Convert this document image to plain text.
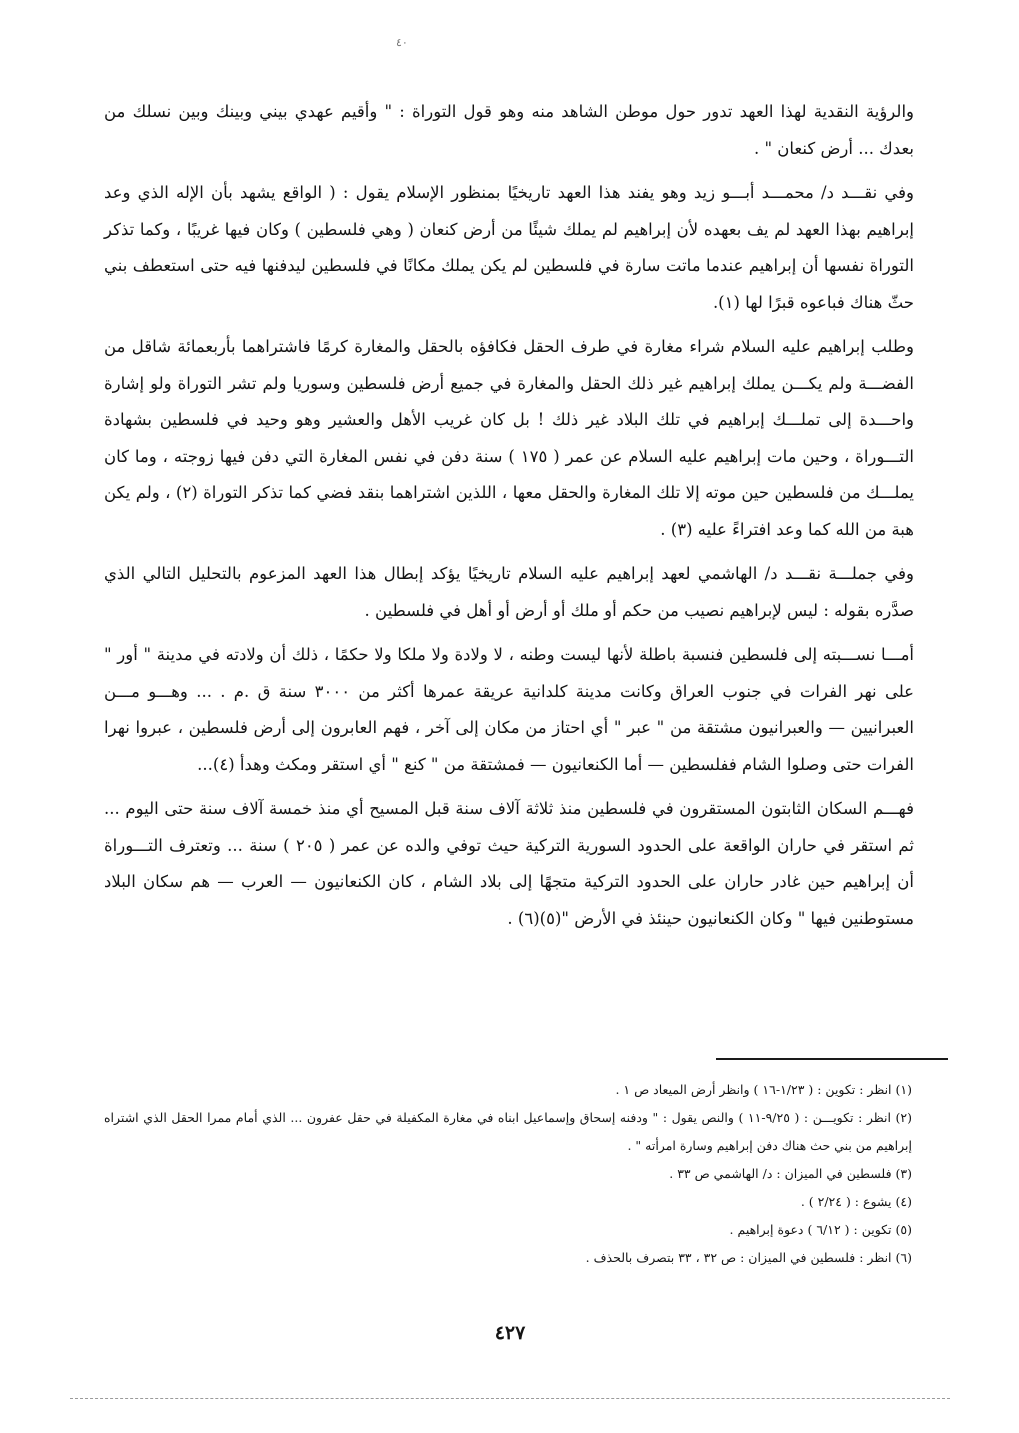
٤٠

والرؤية النقدية لهذا العهد تدور حول موطن الشاهد منه وهو قول التوراة : " وأقيم عهدي بيني وبينك وبين نسلك من بعدك ... أرض كنعان " .

وفي نقـــد د/ محمـــد أبـــو زيد وهو يفند هذا العهد تاريخيًا بمنظور الإسلام يقول : ( الواقع يشهد بأن الإله الذي وعد إبراهيم بهذا العهد لم يف بعهده لأن إبراهيم لم يملك شيئًا من أرض كنعان ( وهي فلسطين ) وكان فيها غريبًا ، وكما تذكر التوراة نفسها أن إبراهيم عندما ماتت سارة في فلسطين لم يكن يملك مكانًا في فلسطين ليدفنها فيه حتى استعطف بني حثّ هناك فباعوه قبرًا لها (١).

وطلب إبراهيم عليه السلام شراء مغارة في طرف الحقل فكافؤه بالحقل والمغارة كرمًا فاشتراهما بأربعمائة شاقل من الفضـــة ولم يكـــن يملك إبراهيم غير ذلك الحقل والمغارة في جميع أرض فلسطين وسوريا ولم تشر التوراة ولو إشارة واحـــدة إلى تملـــك إبراهيم في تلك البلاد غير ذلك ! بل كان غريب الأهل والعشير وهو وحيد في فلسطين بشهادة التـــوراة ، وحين مات إبراهيم عليه السلام عن عمر ( ١٧٥ ) سنة دفن في نفس المغارة التي دفن فيها زوجته ، وما كان يملـــك من فلسطين حين موته إلا تلك المغارة والحقل معها ، اللذين اشتراهما بنقد فضي كما تذكر التوراة (٢) ، ولم يكن هبة من الله كما وعد افتراءً عليه (٣) .

وفي جملـــة نقـــد د/ الهاشمي لعهد إبراهيم عليه السلام تاريخيًا يؤكد إبطال هذا العهد المزعوم بالتحليل التالي الذي صدَّره بقوله : ليس لإبراهيم نصيب من حكم أو ملك أو أرض أو أهل في فلسطين .

أمـــا نســـبته إلى فلسطين فنسبة باطلة لأنها ليست وطنه ، لا ولادة ولا ملكا ولا حكمًا ، ذلك أن ولادته في مدينة " أور " على نهر الفرات في جنوب العراق وكانت مدينة كلدانية عريقة عمرها أكثر من ٣٠٠٠ سنة ق .م . ... وهـــو مـــن العبرانيين — والعبرانيون مشتقة من " عبر " أي احتاز من مكان إلى آخر ، فهم العابرون إلى أرض فلسطين ، عبروا نهرا الفرات حتى وصلوا الشام ففلسطين — أما الكنعانيون — فمشتقة من " كنع " أي استقر ومكث وهدأ (٤)...

فهـــم السكان الثابتون المستقرون في فلسطين منذ ثلاثة آلاف سنة قبل المسيح أي منذ خمسة آلاف سنة حتى اليوم ... ثم استقر في حاران الواقعة على الحدود السورية التركية حيث توفي والده عن عمر ( ٢٠٥ ) سنة ... وتعترف التـــوراة أن إبراهيم حين غادر حاران على الحدود التركية متجهًا إلى بلاد الشام ، كان الكنعانيون — العرب — هم سكان البلاد مستوطنين فيها " وكان الكنعانيون حينئذ في الأرض "(٥)(٦) .

(١) انظر : تكوين : ( ١/٢٣-١٦ ) وانظر أرض الميعاد ص ١ .

(٢) انظر : تكويـــن : ( ٩/٢٥-١١ ) والنص يقول : " ودفنه إسحاق وإسماعيل ابناه في مغارة المكفيلة في حقل عفرون ... الذي أمام ممرا الحقل الذي اشتراه إبراهيم من بني حث هناك دفن إبراهيم وسارة امرأته " .

(٣) فلسطين في الميزان : د/ الهاشمي ص ٣٣ .

(٤) يشوع : ( ٢/٢٤ ) .

(٥) تكوين : ( ٦/١٢ ) دعوة إبراهيم .

(٦) انظر : فلسطين في الميزان : ص ٣٢ ، ٣٣ بتصرف بالحذف .

٤٢٧
